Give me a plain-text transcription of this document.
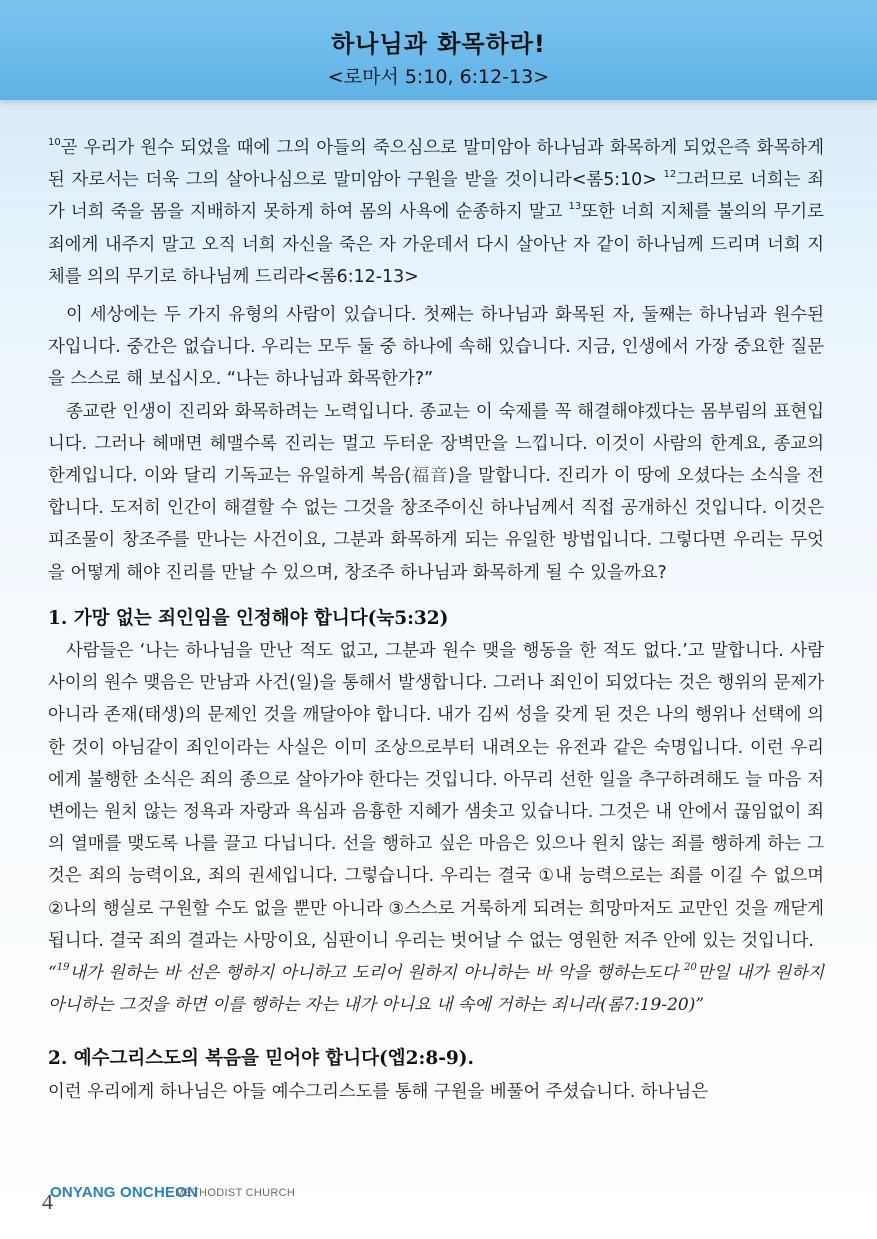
하나님과 화목하라!
<로마서 5:10, 6:12-13>

$^{10}$곧 우리가 원수 되었을 때에 그의 아들의 죽으심으로 말미암아 하나님과 화목하게 되었은즉 화목하게 된 자로서는 더욱 그의 살아나심으로 말미암아 구원을 받을 것이니라<롬5:10> $^{12}$그러므로 너희는 죄가 너희 죽을 몸을 지배하지 못하게 하여 몸의 사욕에 순종하지 말고 $^{13}$또한 너희 지체를 불의의 무기로 죄에게 내주지 말고 오직 너희 자신을 죽은 자 가운데서 다시 살아난 자 같이 하나님께 드리며 너희 지체를 의의 무기로 하나님께 드리라<롬6:12-13>

이 세상에는 두 가지 유형의 사람이 있습니다. 첫째는 하나님과 화목된 자, 둘째는 하나님과 원수된 자입니다. 중간은 없습니다. 우리는 모두 둘 중 하나에 속해 있습니다. 지금, 인생에서 가장 중요한 질문을 스스로 해 보십시오. “나는 하나님과 화목한가?”

종교란 인생이 진리와 화목하려는 노력입니다. 종교는 이 숙제를 꼭 해결해야겠다는 몸부림의 표현입니다. 그러나 헤매면 헤맬수록 진리는 멀고 두터운 장벽만을 느낍니다. 이것이 사람의 한계요, 종교의 한계입니다. 이와 달리 기독교는 유일하게 복음(福音)을 말합니다. 진리가 이 땅에 오셨다는 소식을 전합니다. 도저히 인간이 해결할 수 없는 그것을 창조주이신 하나님께서 직접 공개하신 것입니다. 이것은 피조물이 창조주를 만나는 사건이요, 그분과 화목하게 되는 유일한 방법입니다. 그렇다면 우리는 무엇을 어떻게 해야 진리를 만날 수 있으며, 창조주 하나님과 화목하게 될 수 있을까요?

1. 가망 없는 죄인임을 인정해야 합니다(눅5:32)

사람들은 ‘나는 하나님을 만난 적도 없고, 그분과 원수 맺을 행동을 한 적도 없다.’고 말합니다. 사람 사이의 원수 맺음은 만남과 사건(일)을 통해서 발생합니다. 그러나 죄인이 되었다는 것은 행위의 문제가 아니라 존재(태생)의 문제인 것을 깨달아야 합니다. 내가 김씨 성을 갖게 된 것은 나의 행위나 선택에 의한 것이 아님같이 죄인이라는 사실은 이미 조상으로부터 내려오는 유전과 같은 숙명입니다. 이런 우리에게 불행한 소식은 죄의 종으로 살아가야 한다는 것입니다. 아무리 선한 일을 추구하려해도 늘 마음 저변에는 원치 않는 정욕과 자랑과 욕심과 음흉한 지혜가 샘솟고 있습니다. 그것은 내 안에서 끊임없이 죄의 열매를 맺도록 나를 끌고 다닙니다. 선을 행하고 싶은 마음은 있으나 원치 않는 죄를 행하게 하는 그것은 죄의 능력이요, 죄의 권세입니다. 그렇습니다. 우리는 결국 ①내 능력으로는 죄를 이길 수 없으며 ②나의 행실로 구원할 수도 없을 뿐만 아니라 ③스스로 거룩하게 되려는 희망마저도 교만인 것을 깨닫게 됩니다. 결국 죄의 결과는 사망이요, 심판이니 우리는 벗어날 수 없는 영원한 저주 안에 있는 것입니다.

“$^{19}$내가 원하는 바 선은 행하지 아니하고 도리어 원하지 아니하는 바 악을 행하는도다 $^{20}$만일 내가 원하지 아니하는 그것을 하면 이를 행하는 자는 내가 아니요 내 속에 거하는 죄니라(롬7:19-20)”

2. 예수그리스도의 복음을 믿어야 합니다(엡2:8-9).

이런 우리에게 하나님은 아들 예수그리스도를 통해 구원을 베풀어 주셨습니다. 하나님은

4
ONYANG ONCHEON
METHODIST CHURCH
